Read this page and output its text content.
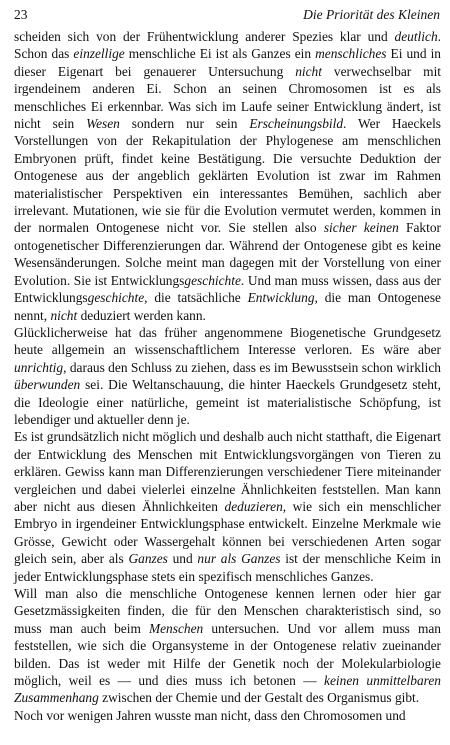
23	Die Priorität des Kleinen

scheiden sich von der Frühentwicklung anderer Spezies klar und deutlich. Schon das einzellige menschliche Ei ist als Ganzes ein menschliches Ei und in dieser Eigenart bei genauerer Untersuchung nicht verwechselbar mit irgendeinem anderen Ei. Schon an seinen Chromosomen ist es als menschliches Ei erkennbar. Was sich im Laufe seiner Entwicklung ändert, ist nicht sein Wesen sondern nur sein Erscheinungsbild. Wer Haeckels Vorstellungen von der Rekapitulation der Phylogenese am menschlichen Embryonen prüft, findet keine Bestätigung. Die versuchte Deduktion der Ontogenese aus der angeblich geklärten Evolution ist zwar im Rahmen materialistischer Perspektiven ein interessantes Bemühen, sachlich aber irrelevant. Mutationen, wie sie für die Evolution vermutet werden, kommen in der normalen Ontogenese nicht vor. Sie stellen also sicher keinen Faktor ontogenetischer Differenzierungen dar. Während der Ontogenese gibt es keine Wesensänderungen. Solche meint man dagegen mit der Vorstellung von einer Evolution. Sie ist Entwicklungsgeschichte. Und man muss wissen, dass aus der Entwicklungsgeschichte, die tatsächliche Entwicklung, die man Ontogenese nennt, nicht deduziert werden kann.

Glücklicherweise hat das früher angenommene Biogenetische Grundgesetz heute allgemein an wissenschaftlichem Interesse verloren. Es wäre aber unrichtig, daraus den Schluss zu ziehen, dass es im Bewusstsein schon wirklich überwunden sei. Die Weltanschauung, die hinter Haeckels Grundgesetz steht, die Ideologie einer natürliche, gemeint ist materialistische Schöpfung, ist lebendiger und aktueller denn je.

Es ist grundsätzlich nicht möglich und deshalb auch nicht statthaft, die Eigenart der Entwicklung des Menschen mit Entwicklungsvorgängen von Tieren zu erklären. Gewiss kann man Differenzierungen verschiedener Tiere miteinander vergleichen und dabei vielerlei einzelne Ähnlichkeiten feststellen. Man kann aber nicht aus diesen Ähnlichkeiten deduzieren, wie sich ein menschlicher Embryo in irgendeiner Entwicklungsphase entwickelt. Einzelne Merkmale wie Grösse, Gewicht oder Wassergehalt können bei verschiedenen Arten sogar gleich sein, aber als Ganzes und nur als Ganzes ist der menschliche Keim in jeder Entwicklungsphase stets ein spezifisch menschliches Ganzes.

Will man also die menschliche Ontogenese kennen lernen oder hier gar Gesetzmässigkeiten finden, die für den Menschen charakteristisch sind, so muss man auch beim Menschen untersuchen. Und vor allem muss man feststellen, wie sich die Organsysteme in der Ontogenese relativ zueinander bilden. Das ist weder mit Hilfe der Genetik noch der Molekularbiologie möglich, weil es — und dies muss ich betonen — keinen unmittelbaren Zusammenhang zwischen der Chemie und der Gestalt des Organismus gibt.

Noch vor wenigen Jahren wusste man nicht, dass den Chromosomen und
